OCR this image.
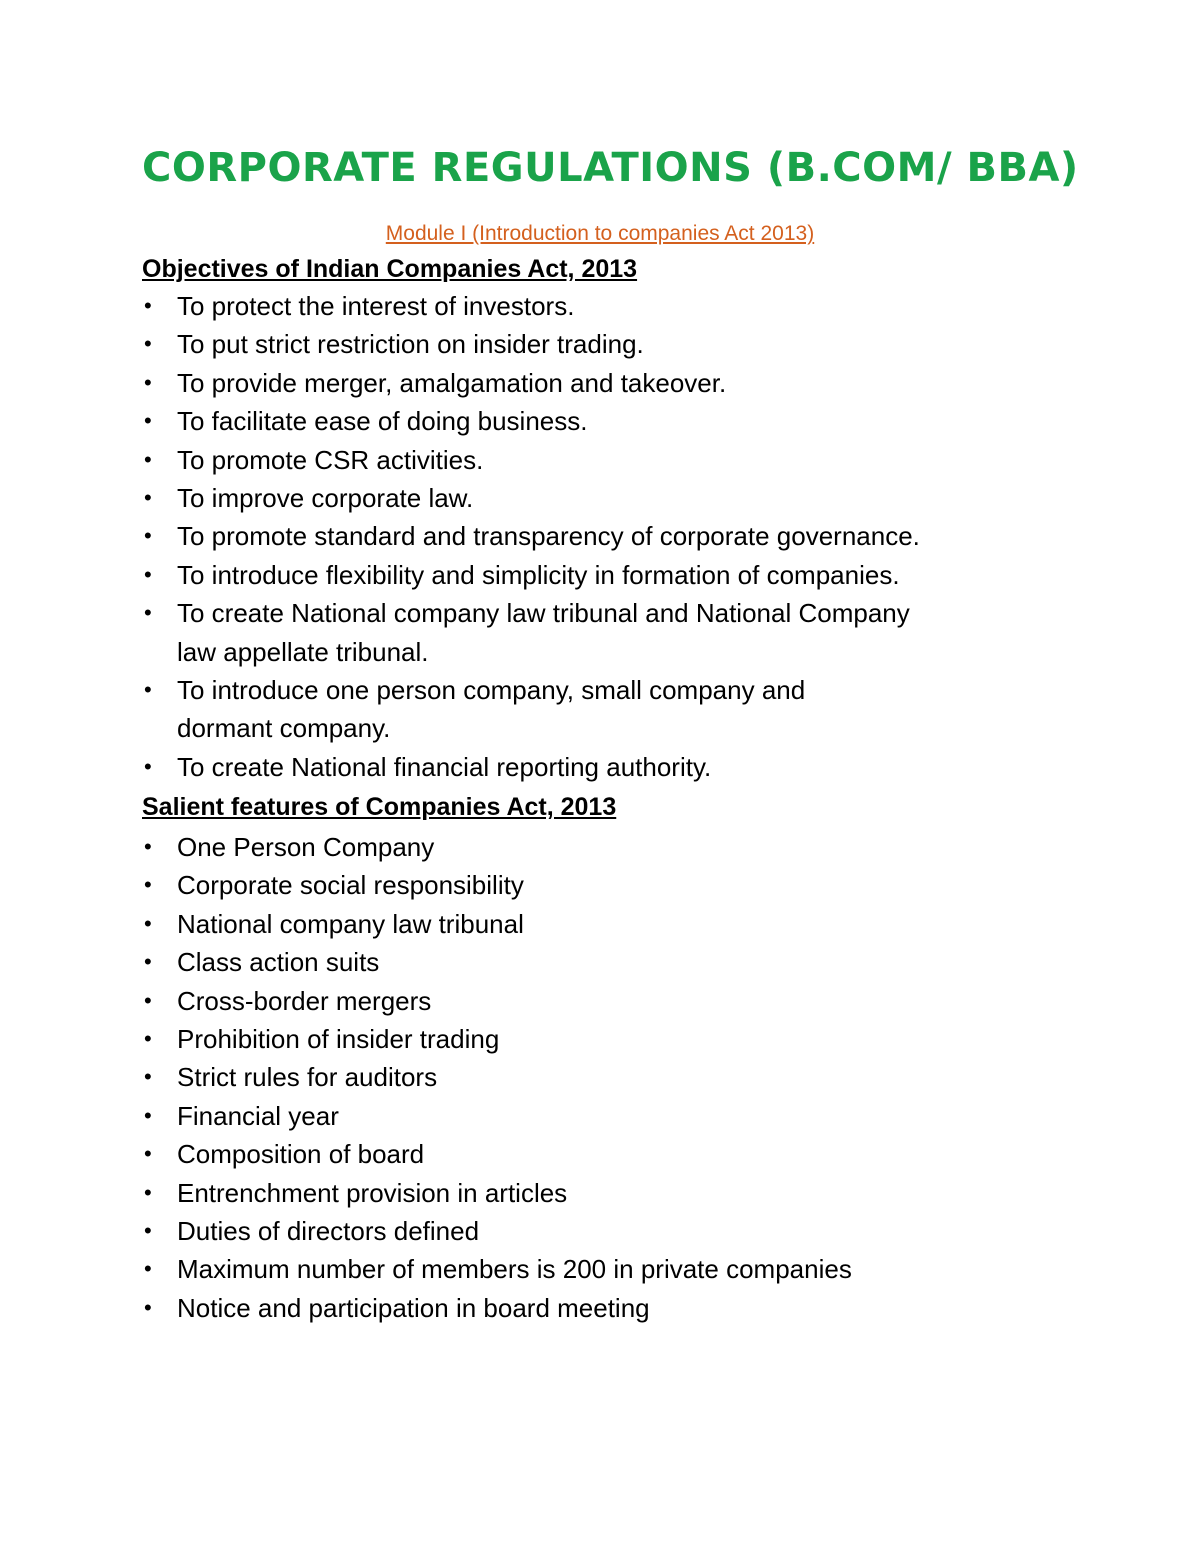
CORPORATE REGULATIONS (B.COM/ BBA)
Module I (Introduction to companies Act 2013)
Objectives of Indian Companies Act, 2013
• To protect the interest of investors.
• To put strict restriction on insider trading.
• To provide merger, amalgamation and takeover.
• To facilitate ease of doing business.
• To promote CSR activities.
• To improve corporate law.
• To promote standard and transparency of corporate governance.
• To introduce flexibility and simplicity in formation of companies.
• To create National company law tribunal and National Company
law appellate tribunal.
• To introduce one person company, small company and
dormant company.
• To create National financial reporting authority.
Salient features of Companies Act, 2013
• One Person Company
• Corporate social responsibility
• National company law tribunal
• Class action suits
• Cross-border mergers
• Prohibition of insider trading
• Strict rules for auditors
• Financial year
• Composition of board
• Entrenchment provision in articles
• Duties of directors defined
• Maximum number of members is 200 in private companies
• Notice and participation in board meeting
